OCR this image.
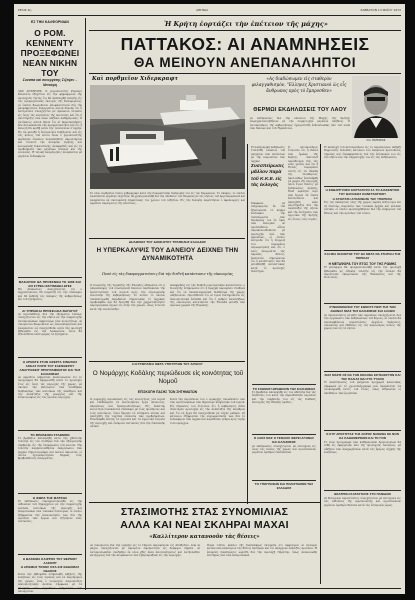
ΣΕΛΙΣ 4η	ΑΘΗΝΑΙ	ΣΑΒΒΑΤΟΝ 13 ΜΑΪΟΥ 1972
ΕΣ ΤΗΝ ΚΑΛΦΟΡΝΙΑΝ
Ο ΡΟΜ. ΚΕΝΝΕΝΤΥ ΠΡΟΞΕΦΩΝΕΙ ΝΕΑΝ ΝΙΚΗΝ ΤΟΥ
Συναπά καὶ συνεργάτης Σιζεψεν – Νενκόμη
ΛΟΣ ΑΝΤΖΕΛΕΣ. Ο γερουσιαστὴς Ρόμπερτ Κέννεντυ ἐξηγεῖται εἰς τὴν ψηφοφορίαν τῆς προσεχοῦς Τρίτης ὅτι θὰ ἀναδειχθῇ νικητὴς εἰς τὰς προκριματικὰς ἐκλογὰς τῆς Καλιφορνίας, αἱ ὁποῖαι θεωροῦνται ἀποφασιστικαὶ διὰ τὴν ὑποψηφιότητα. Συνεργάται αὐτοῦ δηλοῦν ὅτι ἡ ἐκστρατεία συνεχίζεται μὲ ἀμείωτον ἔντασιν εἰς ὅλας τὰς κομητείας τῆς πολιτείας καὶ ὅτι ἡ ὑποστήριξις τῶν νέων αὐξάνει καθημερινῶς. Ὁ ἀντίπαλος αὐτοῦ δηλοῖ ὅτι αἱ δημοσκοπήσεις δὲν ἀντανακλοῦν τὴν πραγματικότητα καὶ ὅτι ἡ ἐκλογὴ θὰ κριθῇ κατὰ τὴν τελευταίαν στιγμήν. Ἐν τῷ μεταξὺ ἡ ἐκστρατεία διεξάγεται καὶ εἰς τὰς πόλεις τοῦ νότου ὅπου ὁ γερουσιαστὴς ὡμίλησεν ἐνώπιον πολυπληθοῦς ἀκροατηρίου καὶ ἐτόνισε τὴν ἀνάγκην εἰρήνης καὶ κοινωνικῆς δικαιοσύνης, ἀναφερθεὶς καὶ εἰς τὰ προβλήματα τῶν μεγάλων πόλεων καὶ τῆς νεολαίας. Ἡ τελικὴ ἀναμέτρησις ἀναμένεται μὲ μεγάλον ἐνδιαφέρον.
ΜΑΚΑΡΙΟΣ ΘΑ ΠΡΟΣΕΝΘΗ ΤΟ 1986 ΚΑΙ ΑΝ ΣΥΡΕΗ ΕΚΤΙΜΗΘΗ ΔΤΕΣ
Ἐκ Λευκωσίας ἀναγγέλλεται ὅτι ὁ Ἀρχιεπίσκοπος θὰ παραστῇ εἰς τὴν σύσκεψιν καὶ θὰ ἐκθέσῃ τὰς ἀπόψεις τῆς κυβερνήσεως ἐπὶ τοῦ ζητήματος.
ΑΙ ΥΠΡΙΑΚΑΙ ΠΡΟΣΕΞΑΙΑ ΒΑΓΑΓΟΥ
Αἱ προσπάθειαι διὰ τὴν ἐξεύρεσιν λύσεως συνεχίζονται εἰς τὴν νῆσον μὲ τὴν συμμετοχὴν ἀντιπροσώπων ἀμφοτέρων τῶν κοινοτήτων. Αἱ συνομιλίαι θεωροῦνται ὡς ἐποικοδομητικαὶ καὶ ἀναμένεται νὰ συνεχισθοῦν κατὰ τὴν προσεχῆ ἑβδομάδα εἰς τὴν Λευκωσίαν, ὅπου θὰ ἐξετασθοῦν λεπτομερῶς τὰ ζητήματα.
Η ΑΡΜΑΤΕ ΣΤΗΝ ΑΦΕΡΓΑ ΚΙΝΗΣΕΙΣ ΑΚΕΑΣ ΣΟΡΙΣ ΤΟΥ ΕΛΕΝΘΕΡΟΥ ΑΝΑΓΡΑΦΕΙΤ ΠΡΟΓΡΑΜΜΑΤΟΣ ΚΑΙ ΤΗΣ ΕΛΛΗΝΙΚΗΣ
Αἱ ἀρμόδιαι ὑπηρεσίαι ἀνεκοίνωσαν ὅτι τὸ πρόγραμμα θὰ ἐφαρμοσθῇ κατὰ τὸ προσεχὲς ἔτος εἰς ὅλας τὰς περιοχὰς τῆς χώρας, μὲ σκοπὸν τὴν βελτίωσιν τῶν συνθηκῶν διαβιώσεως τῶν κατοίκων τῆς ὑπαίθρου καὶ τὴν ἀνάπτυξιν τῆς γεωργίας καὶ τῆς κτηνοτροφίας εἰς τὰς ὀρεινὰς περιοχάς.
ΤΟ ΒΡΑΒΕΙΟΝ ΣΤΑΘΜΟΝ
Τὸ βραβεῖον ἀπενεμήθη κατὰ τὴν χθεσινὴν τελετὴν εἰς τὸν σταθμὸν διὰ τὴν ἐξαιρετικὴν συμβολὴν εἰς τὴν ἐνημέρωσιν τοῦ κοινοῦ. Τὴν τελετὴν παρηκολούθησαν ἐκπρόσωποι τῶν ἀρχῶν, δημοσιογράφοι καὶ πολλοὶ ἀκροαταί, οἱ ὁποῖοι ἐχειροκρότησαν θερμῶς τοὺς βραβευθέντας συνεργάτας.
Η ΦΩΡΑ ΤΗΣ ΜΑΤΣΩΛ
Ἡ ἐκδήλωσις ἐπραγματοποιήθη εἰς τὴν αἴθουσαν τοῦ δημαρχείου μὲ τὴν συμμετοχὴν πολλῶν κατοίκων τῆς περιοχῆς καὶ ἐκπροσώπων τῶν τοπικῶν συλλόγων, οἱ ὁποῖοι ἐξέφρασαν τὴν ἱκανοποίησίν των διὰ τὴν πρόοδον τῶν ἔργων καὶ ἐζήτησαν νέας πιστώσεις.
Η ΒΑΣΕΙΜΑ ΚΑΙΡΡΟΣ ΤΟΥ ΘΕΡΜΟΥ ΑΑΚΟΡΡ
Η ΑΡΘΜΗΣ ΤΟΝΟΣ ΟΣΑ ΕΙΣ ΕΒΔΟΜΑΣ ΟΔΑΚΟΣ
Κατὰ τὴν ἑβδομάδα ἐσημειώθη αὔξησις τῆς κινήσεως εἰς τοὺς λιμένας καὶ τὰ ἀεροδρόμια τῆς χώρας, ἐνῶ ὁ τουρισμὸς παρουσιάζει ἱκανοποιητικὴν ἄνοδον σύμφωνα μὲ τὰ ὑπουργείου.
Ἡ Κρήτη ἑορτάζει τὴν ἐπέτειον τῆς μάχης»
ΠΑΤΤΑΚΟΣ: ΑΙ ΑΝΑΜΝΗΣΕΙΣ
ΘΑ ΜΕΙΝΟΥΝ ΑΝΕΠΑΝΑΛΗΠΤΟΙ
Καὶ πορθμεῖον Χιδερκραφτ
Τὸ νέον πορθμεῖον τύπου χόβερκραφτ κατὰ τὴν δοκιμαστικὴν διαδρομήν του εἰς τὸν Σαρωνικὸν. Τὸ σκάφος, τὸ ὁποῖον ἀναπτύσσει μεγάλην ταχύτητα, θὰ χρησιμοποιηθῇ διὰ τὴν σύνδεσιν τοῦ Πειραιῶς μὲ τὰς νήσους τοῦ Ἀργοσαρωνικοῦ καὶ ἀναμένεται νὰ συντομεύσῃ σημαντικῶς τὸν χρόνον τοῦ ταξιδίου. Εἰς τὴν δοκιμὴν παρέστησαν ὁ ὑφυπουργὸς καὶ ἀρμόδιοι παράγοντες τῆς ναυτιλίας.
«Ας διαδώσωμεν εἰς σταθερὸν φιλαγγαθισμὸν, "Ελληνες Χριστιανοὶ ὡς εἷς ἄνθρωπος πρὸς τὸ ἔμπροσθεν»
Ο κ. ΠΑΤΤΑΚΟΣ
ΘΕΡΜΩΙ ΕΚΔΗΛΩΣΕΙΣ ΤΟΥ ΛΑΟΥ
Αἱ ἐκδηλώσεις διὰ τὴν ἐπέτειον τῆς Μάχης τῆς Κρήτης ἐπραγματοποιήθησαν μὲ τὴν συμμετοχὴν μεγάλου πλήθους. Ὁ ἀντιπρόεδρος τῆς κυβερνήσεως ἐχαιρετίσθη ἐνθουσιωδῶς ὑπὸ τοῦ λαοῦ τῶν Χανίων καὶ τοῦ Ἡρακλείου.
Ἡ πανηγυρικὴ ἐκδήλωσις ἐτελέσθη ἐνώπιον τοῦ μνημείου τῶν πεσόντων μὲ τὴν παρουσίαν τῶν ἀρχῶν.
Συσσπείρωσις μᾶλλον παρὰ τοῦ Κ.Κ.Ε. εἰς τὰς ἐκλογὰς
Σύμφωνα μὲ πληροφορίας ἐκ τοῦ ἐξωτερικοῦ, τὸ κόμμα ἐπιδιώκει τὴν συσπείρωσιν τῶν δυνάμεών του ἐν ὄψει τῶν ἐκλογῶν. Αἱ προσπάθειαι αὗται παρακολουθοῦνται μὲ προσοχὴν ὑπὸ τῶν ἀρμοδίων, οἱ ὁποῖοι ἐκτιμοῦν ὅτι ἡ ἐπιρροὴ του παραμένει περιωρισμένη καὶ ὅτι ὁ λαὸς ἀπορρίπτει τὰς ἀκραίας θέσεις. Ἀναλυταὶ σημειώνουν ὅτι ἡ κατάστασις δὲν θὰ μεταβληθῇ οὐσιαστικῶς κατὰ τὸ προσεχὲς διάστημα.
Ὁ ἀντιπρόεδρος ἐτόνισεν ὅτι ἡ θυσία τῶν ἡρώων τῆς Κρήτης ἀποτελεῖ παράδειγμα διὰ τὰς νέας γενεὰς καὶ ὅτι ἡ Ἑλλὰς παραμένει πιστὴ εἰς τὰ ἰδεώδη τῆς ἐλευθερίας. Ἀκολούθως ἐπεσκέφθη τὰ χωρία τῆς περιοχῆς ὅπου ἔγινε δεκτὸς μὲ ἐκδηλώσεις ἀγάπης. Ἐκεῖ ὡμίλησε περὶ τῶν ἔργων τὰ ὁποῖα ἐκτελοῦνται καὶ ὑπεσχέθη νέαν ὑποστήριξιν διὰ τὴν ἀνάπτυξιν τῆς νήσου καὶ τὴν ἐνίσχυσιν τῶν ἀγροτῶν τῆς Κρήτης εἰς ὅλους τοὺς τομεῖς.
ΔΗΛΩΣΕΙΣ ΤΟΥ ΔΙΟΙΚΗΤΟΥ ΤΡΑΠΕΖΗΣ ΕΛΛΑΔΟΣ
Η ΥΠΕΡΚΑΛΥΨΙΣ ΤΟΥ ΔΑΝΕΙΟΥ ΔΕΙΧΝΕΙ ΤΗΝ ΔΥΝΑΜΙΚΟΤΗΤΑ
Ποσὸ εἰς τὰς διαπραγματεύσεις διὰ τὴν διεθνῆ κατάστασιν τῆς οἰκονομίας
Ὁ διοικητὴς τῆς Τραπέζης τῆς Ἑλλάδος ἐδήλωσεν ὅτι ἡ ὑπερκάλυψις τοῦ ἐσωτερικοῦ δανείου ἀποδεικνύει τὴν ἐμπιστοσύνην τοῦ κοινοῦ πρὸς τὴν οἰκονομικὴν πολιτικὴν τῆς κυβερνήσεως. Τὸ ποσὸν τὸ ὁποῖον συνεκεντρώθη ὑπερβαίνει σημαντικῶς τὸ ἀρχικῶς προβλεφθὲν καὶ θὰ διατεθῇ διὰ τὴν χρηματοδότησιν παραγωγικῶν ἔργων εἰς ὅλην τὴν χώραν, ὅπως ἐτόνισε κατὰ τὴν συνέντευξιν.
Ἀναφερθεὶς εἰς τὴν διεθνῆ νομισματικὴν κατάστασιν, ὁ διοικητὴς ἐσημείωσεν ὅτι ἡ δραχμὴ παραμένει σταθερὰ καὶ ὅτι τὰ συναλλαγματικὰ διαθέσιμα τῆς χώρας αὐξάνονται. Προσέθεσεν ὅτι αἱ τιμαὶ διατηροῦνται εἰς ἱκανοποιητικὰ ἐπίπεδα καὶ ὅτι ὁ ρυθμὸς ἀναπτύξεως τῆς οἰκονομίας κατατάσσει τὴν Ἑλλάδα μεταξὺ τῶν πρώτων χωρῶν τῆς Εὐρώπης.
Η ΕΥΡΩΠΑΪΚΑ ΜΕΤΑ ΥΠΟΥΡΓΩΝ ΤΟΥ ΑΙΓΑΙΟΥ
Ο Νομάρχης Κοδάλης περιώδευσε εἰς κοινότητας τοῦ Νομοῦ
ΕΠΙΣΚΟΠΗ ΠΑΣΗΣ ΤΩΝ ΣΗΤΗΜΑΤΩΝ
Ὁ νομάρχης περιώδευσε εἰς τὰς κοινότητας τοῦ νομοῦ καὶ ἐπεθεώρησε τὰ ἐκτελούμενα ἔργα ὁδοποιίας, ὑδρεύσεως καὶ ἠλεκτροδοτήσεως. Εἰς ἑκάστην κοινότητα συνεκάλεσε σύσκεψιν μὲ τοὺς προέδρους καὶ τοὺς κατοίκους, ὅπου ἤκουσε τὰ αἰτήματα αὐτῶν καὶ ὑπεσχέθη τὴν ταχεῖαν ἐπίλυσιν τῶν προβλημάτων. Ἐπεσκέφθη ἐπίσης τὰ σχολεῖα καὶ τὰ ἀγροτικὰ ἰατρεῖα τῆς περιοχῆς καὶ ἐνέκρινε πιστώσεις διὰ τὴν ἐπισκευὴν αὐτῶν.
Κατὰ τὴν περιοδείαν του ὁ νομάρχης συνωδεύετο ὑπὸ τῶν προϊσταμένων τῶν δημοσίων ὑπηρεσιῶν τοῦ νομοῦ. Εἰς δηλώσεις του ἐτόνισεν ὅτι ἡ κυβέρνησις δίδει ἰδιαιτέραν προσοχὴν εἰς τὴν ἀνάπτυξιν τῆς ὑπαίθρου καὶ ὅτι τὰ ἔργα θὰ συνεχισθοῦν μὲ ταχὺν ρυθμόν. Οἱ κάτοικοι ἐξέφρασαν τὴν εὐγνωμοσύνην των διὰ τὸ ἐνδιαφέρον τῶν ἀρχῶν καὶ παρέθεσαν γεῦμα πρὸς τιμὴν τοῦ νομάρχου.
ΤΟ ΣΧΗΜΑΤΙ ΒΡΑΒΕΙΟΝ ΤΗΣ ΕΛΛΗΝΙΚΗΣ
Τὸ βραβεῖον ἀπενεμήθη εἰς τὸν ἀθλητὴν διὰ τὰς ἐπιδόσεις του κατὰ τὴν παρελθοῦσαν περίοδον καὶ τὴν συμβολήν του εἰς τὰς διεθνεῖς ἐπιτυχίας τῆς ἐθνικῆς ὁμάδος.
Ο ΛΑΟΣ ΜΑΣ Ο ΓΕΝΑΙΟΣ ΦΕΡΕΙ ΑΓΩΝΑΣ ΚΑΙ ΕΛΛΗΝΙΚΟΣ
Αἱ ἐκδηλώσεις συνεχίζονται μὲ ἐπιτυχίαν εἰς ὅλας τὰς πόλεις τῆς χώρας καὶ προσελκύουν μεγάλον ἀριθμὸν ἐπισκεπτῶν.
ΤΟ ΥΠΟΓΡΑΦΗΝ ΚΑΙ ΠΟΛΙΣΤΗΜΟΝ ΤΗΣ ΕΛΛΑΔΟΣ
ΣΤΑΣΙΜΟΤΗΣ ΣΤΑΣ ΣΥΝΟΜΙΛΙΑΣ
ΑΛΛΑ ΚΑΙ ΝΕΑΙ ΣΚΛΗΡΑΙ ΜΑΧΑΙ
«Καλλίτερον κατανοοῦν τὰς θέσεις»
Αἱ συνομιλίαι διὰ τὴν εἰρήνην εἰς τὸ Παρίσι παραμένουν εἰς ἀδιέξοδον, ἐνῷ αἱ μάχαι συνεχίζονται μὲ ἀμείωτον σφοδρότητα εἰς διάφορα σημεῖα. Αἱ ἀντιπροσωπεῖαι συνῆλθον ἐκ νέου χθὲς ἄνευ ἀποτελέσματος καὶ ἀντήλλαξαν κατηγορίας διὰ τὴν κλιμάκωσιν τῶν ἐχθροπραξιῶν εἰς τὴν περιοχήν.
Παρὰ ταῦτα, κύκλοι τῆς διασκέψεως ἐκτιμοῦν ὅτι ἀμφότεραι αἱ πλευραὶ κατανοοῦν καλύτερον τὰς θέσεις ἀλλήλων καὶ ὅτι ὑπάρχουν ἐνδείξεις προόδου. Ἡ ἑπομένη συνεδρίασις ὡρίσθη διὰ τὴν προσεχῆ Πέμπτην, ὅπως ἀνεκοινώθη ἐπισήμως ὑπὸ τῶν ἐκπροσώπων.
Ἡ ὑποδοχὴ τοῦ ἀντιπροέδρου εἰς τὸ ἀεροδρόμιον ὑπῆρξε θερμοτάτη. Χιλιάδες κάτοικοι τὸν ἀνέμενον κρατοῦντες σημαίας καὶ ἐπευφημοῦντες διὰ τὴν ἐπίσκεψίν του εἰς τὴν νῆσον καὶ τὴν συμμετοχήν του εἰς τὰς ἐκδηλώσεις.
Η ΕΝΘΑΡΡΥΝΣΙΣ ΕΟΡΤΑΖΟΥΝ ΣΑ ΤΟ ΔΙΑΚΕΝΤΙΚΟ ΤΟΥ ΒΑΣΙΛΕΩΣ ΚΩΝΣΤΑΝΤΙΝΟΥ
Η ΑΓΙΩΤΑΤΗ ΑΠΑΚΙΝΗΣΕ ΤΗΣ ΥΠΗΡΕΣΙΑ
Εἰς τὰς ἐκκλησίας ὅλης τῆς χώρας ἐψάλη δοξολογία ἐπὶ τῇ ἐπετείῳ, παρουσίᾳ τῶν τοπικῶν ἀρχῶν καὶ πολλῶν πιστῶν, οἱ ὁποῖοι προσηυχήθησαν διὰ τὴν εὐημερίαν τοῦ ἔθνους καὶ τὴν πρόοδον τοῦ τόπου.
ΚΑΙ ΜΙΑ ΙΚΑΝΟΤΗΣ ΤΟΥ ΘΑ ΜΕΤΑ ΝΑ ΣΤΗΡΙΞΗ ΤΗΣ ΠΟΡΕΙΑΣ
Η ΜΕΤΑΦΟΡΑ ΤΟΥ ΕΤΟΣ ΤΟΥ ΤΗΣ ΡΩΜΗΣ
Ἡ μεταφορὰ θὰ πραγματοποιηθῇ κατὰ τὴν προσεχῆ ἑβδομάδα μὲ εἰδικὴν τελετὴν εἰς τὴν ὁποίαν θὰ παραστοῦν ἐκπρόσωποι τῆς Ἐκκλησίας καὶ τῆς Πολιτείας.
ΣΥΝΕΝΝΟΗΣΕΙΣ ΤΟΥ ΕΘΝΟΥΣ ΠΕΡΙ ΤΗΣ ΤΩΝ ΑΘΗΝΑΣ ΜΙΑΣ ΤΗΣ ΕΛΛΗΝΙΚΗΣ ΚΑΙ ΑΛΛΩΝ
Αἱ συνεννοήσεις μεταξὺ τῶν ἀρμοδίων συνεχίζονται διὰ τὴν ὀργάνωσιν τῶν ἐκδηλώσεων τοῦ θέρους, αἱ ὁποῖαι θὰ περιλαμβάνουν παραστάσεις ἀρχαίου δράματος, συναυλίας καὶ ἐκθέσεις εἰς τὰς κυριωτέρας πόλεις τῆς χώρας καὶ εἰς τὰ νησιά.
ΣΙΑΣ ΜΑΡΙΣ ΟΣ ΝΑ ΤΗΝ ΚΟΛΩΝΑ ΕΚΤΕΛΕΣΤΟΝ ΚΑΙ ΤΗΣ ΠΑΛΙΑΣ ΝΑΙ ΣΤΟ ΤΥΧΟΝ
Ἡ ἀναστήλωσις τοῦ μνημείου προχωρεῖ κανονικῶς σύμφωνα μὲ τὸ χρονοδιάγραμμα καὶ ἀναμένεται νὰ ὁλοκληρωθῇ ἐντὸς τοῦ ἔτους, ὅπως ἐδήλωσαν οἱ ὑπεύθυνοι τῶν ἐργασιῶν.
Ο ΕΥΡ ΑΡΕΣΤΣΤΑΣ ΤΗΣ ΑΟΡΟΣ ΝΑΝΘΝΑ ΚΕ ΝΟΝ ΚΑ ΚΑΘΗΜΕΡΙΝΟΝ ΚΑΙ ΤΟ ΓΟΝ
Τὸ νέον πρόγραμμα τῶν καθημερινῶν δρομολογίων θὰ τεθῇ εἰς ἐφαρμογὴν ἀπὸ τῆς προσεχοῦς Δευτέρας, μὲ αὔξησιν τῶν ἀναχωρήσεων κατὰ τὰς ἡμέρας αἰχμῆς τῆς κινήσεως.
ΘΕΑΤΡΙΚΗ ΚΑΤΑΣΤΑΣΙΣ ΣΤΟ ΠΑΝΙΔΩΝ
Αἱ θεατρικαὶ παραστάσεις συνεχίζονται μὲ ἐπιτυχίαν εἰς τὰς αἰθούσας τῆς πρωτευούσης καὶ προσελκύουν μεγάλον ἀριθμὸν θεατῶν κατὰ τὰς ἑσπερινὰς ὥρας.
